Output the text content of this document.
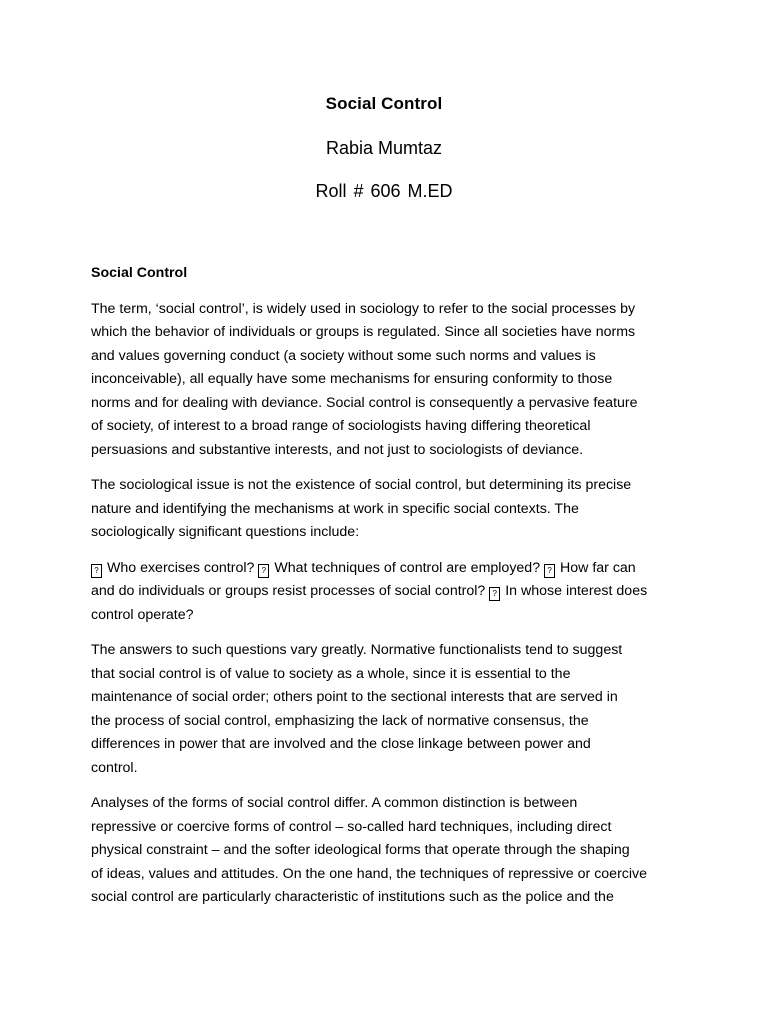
Social Control
Rabia Mumtaz
Roll # 606 M.ED
Social Control
The term, ‘social control’, is widely used in sociology to refer to the social processes by
which the behavior of individuals or groups is regulated. Since all societies have norms
and values governing conduct (a society without some such norms and values is
inconceivable), all equally have some mechanisms for ensuring conformity to those
norms and for dealing with deviance. Social control is consequently a pervasive feature
of society, of interest to a broad range of sociologists having differing theoretical
persuasions and substantive interests, and not just to sociologists of deviance.
The sociological issue is not the existence of social control, but determining its precise
nature and identifying the mechanisms at work in specific social contexts. The
sociologically significant questions include:
? Who exercises control? ? What techniques of control are employed? ? How far can
and do individuals or groups resist processes of social control? ? In whose interest does
control operate?
The answers to such questions vary greatly. Normative functionalists tend to suggest
that social control is of value to society as a whole, since it is essential to the
maintenance of social order; others point to the sectional interests that are served in
the process of social control, emphasizing the lack of normative consensus, the
differences in power that are involved and the close linkage between power and
control.
Analyses of the forms of social control differ. A common distinction is between
repressive or coercive forms of control – so-called hard techniques, including direct
physical constraint – and the softer ideological forms that operate through the shaping
of ideas, values and attitudes. On the one hand, the techniques of repressive or coercive
social control are particularly characteristic of institutions such as the police and the
